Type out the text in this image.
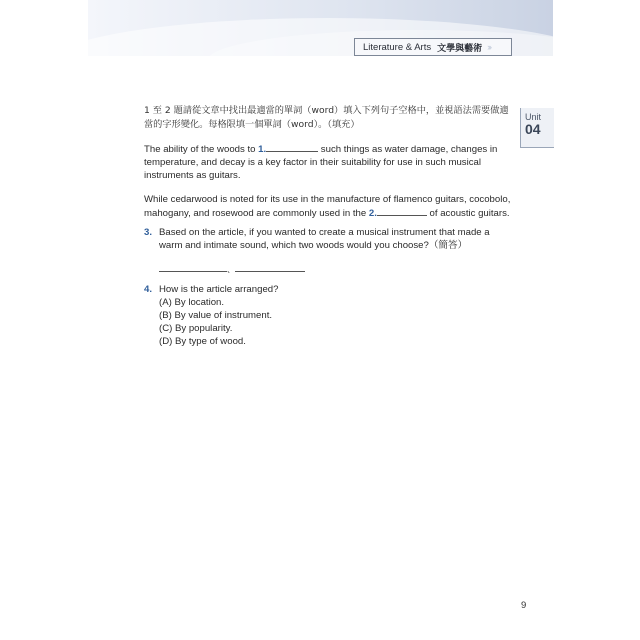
Literature & Arts 文學與藝術 ›››
Unit
04

1 至 2 題請從文章中找出最適當的單詞（word）填入下列句子空格中，並視語法需要做適當的字形變化。每格限填一個單詞（word）。（填充）

The ability of the woods to 1.	such things as water damage, changes in temperature, and decay is a key factor in their suitability for use in such musical instruments as guitars.

While cedarwood is noted for its use in the manufacture of flamenco guitars, cocobolo, mahogany, and rosewood are commonly used in the 2.	of acoustic guitars.

3. Based on the article, if you wanted to create a musical instrument that made a warm and intimate sound, which two woods would you choose?（簡答）
、
4. How is the article arranged?
(A) By location.
(B) By value of instrument.
(C) By popularity.
(D) By type of wood.
9
